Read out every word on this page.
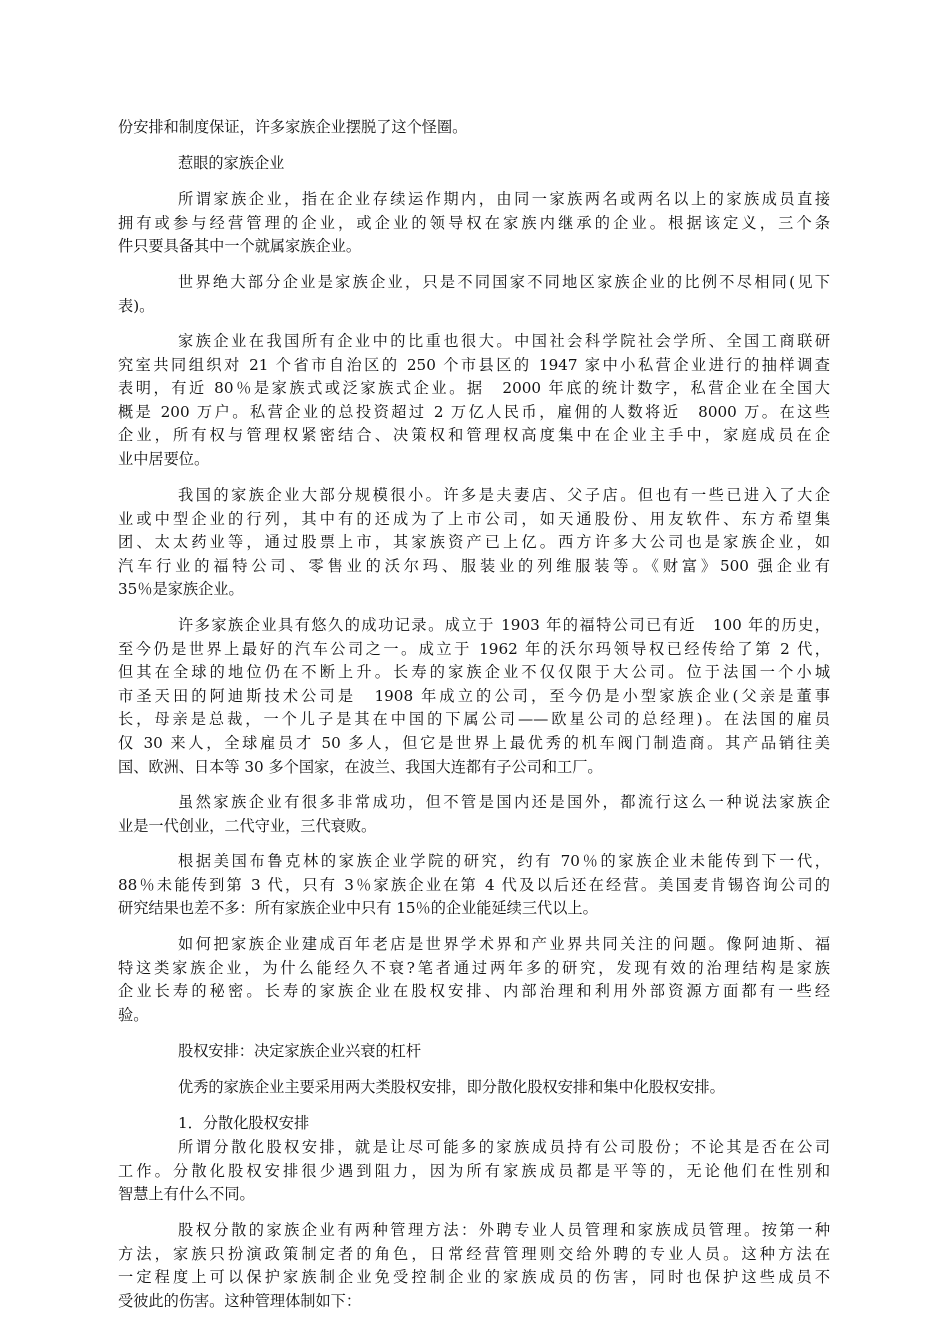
份安排和制度保证，许多家族企业摆脱了这个怪圈。
惹眼的家族企业
所谓家族企业，指在企业存续运作期内，由同一家族两名或两名以上的家族成员直接
拥有或参与经营管理的企业，或企业的领导权在家族内继承的企业。根据该定义，三个条
件只要具备其中一个就属家族企业。
世界绝大部分企业是家族企业，只是不同国家不同地区家族企业的比例不尽相同(见下
表)。
家族企业在我国所有企业中的比重也很大。中国社会科学院社会学所、全国工商联研
究室共同组织对 21 个省市自治区的 250 个市县区的 1947 家中小私营企业进行的抽样调查
表明，有近 80％是家族式或泛家族式企业。据　2000 年底的统计数字，私营企业在全国大
概是 200 万户。私营企业的总投资超过 2 万亿人民币，雇佣的人数将近　8000 万。在这些
企业，所有权与管理权紧密结合、决策权和管理权高度集中在企业主手中，家庭成员在企
业中居要位。
我国的家族企业大部分规模很小。许多是夫妻店、父子店。但也有一些已进入了大企
业或中型企业的行列，其中有的还成为了上市公司，如天通股份、用友软件、东方希望集
团、太太药业等，通过股票上市，其家族资产已上亿。西方许多大公司也是家族企业，如
汽车行业的福特公司、零售业的沃尔玛、服装业的列维服装等。《财富》500 强企业有
35％是家族企业。
许多家族企业具有悠久的成功记录。成立于 1903 年的福特公司已有近　100 年的历史，
至今仍是世界上最好的汽车公司之一。成立于 1962 年的沃尔玛领导权已经传给了第 2 代，
但其在全球的地位仍在不断上升。长寿的家族企业不仅仅限于大公司。位于法国一个小城
市圣天田的阿迪斯技术公司是　1908 年成立的公司，至今仍是小型家族企业(父亲是董事
长，母亲是总裁，一个儿子是其在中国的下属公司——欧星公司的总经理)。在法国的雇员
仅 30 来人，全球雇员才 50 多人，但它是世界上最优秀的机车阀门制造商。其产品销往美
国、欧洲、日本等 30 多个国家，在波兰、我国大连都有子公司和工厂。
虽然家族企业有很多非常成功，但不管是国内还是国外，都流行这么一种说法家族企
业是一代创业，二代守业，三代衰败。
根据美国布鲁克林的家族企业学院的研究，约有 70％的家族企业未能传到下一代，
88％未能传到第 3 代，只有 3％家族企业在第 4 代及以后还在经营。美国麦肯锡咨询公司的
研究结果也差不多：所有家族企业中只有 15％的企业能延续三代以上。
如何把家族企业建成百年老店是世界学术界和产业界共同关注的问题。像阿迪斯、福
特这类家族企业，为什么能经久不衰?笔者通过两年多的研究，发现有效的治理结构是家族
企业长寿的秘密。长寿的家族企业在股权安排、内部治理和利用外部资源方面都有一些经
验。
股权安排：决定家族企业兴衰的杠杆
优秀的家族企业主要采用两大类股权安排，即分散化股权安排和集中化股权安排。
1．分散化股权安排
所谓分散化股权安排，就是让尽可能多的家族成员持有公司股份；不论其是否在公司
工作。分散化股权安排很少遇到阻力，因为所有家族成员都是平等的，无论他们在性别和
智慧上有什么不同。
股权分散的家族企业有两种管理方法：外聘专业人员管理和家族成员管理。按第一种
方法，家族只扮演政策制定者的角色，日常经营管理则交给外聘的专业人员。这种方法在
一定程度上可以保护家族制企业免受控制企业的家族成员的伤害，同时也保护这些成员不
受彼此的伤害。这种管理体制如下：
